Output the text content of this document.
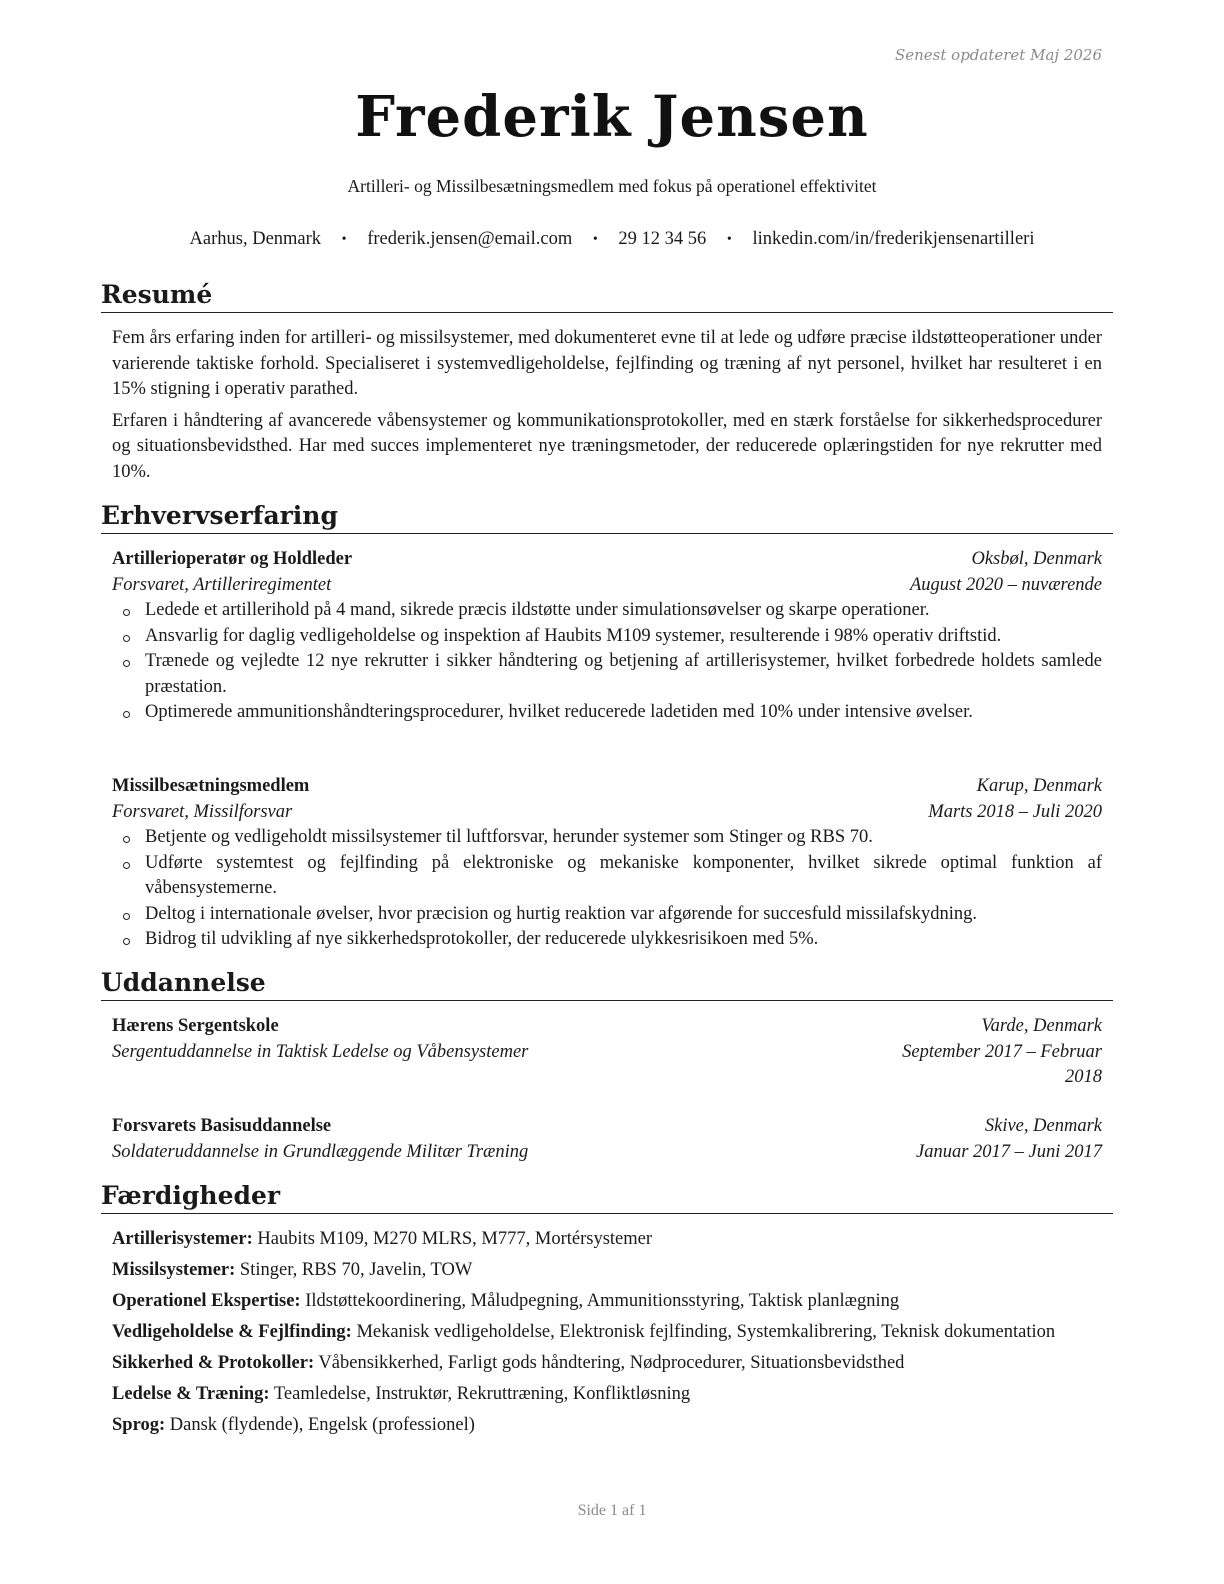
Senest opdateret Maj 2026
Frederik Jensen
Artilleri- og Missilbesætningsmedlem med fokus på operationel effektivitet
Aarhus, Denmark • frederik.jensen@email.com • 29 12 34 56 • linkedin.com/in/frederikjensenartilleri
Resumé

Fem års erfaring inden for artilleri- og missilsystemer, med dokumenteret evne til at lede og udføre præcise ildstøtteoperationer under varierende taktiske forhold. Specialiseret i systemvedligeholdelse, fejlfinding og træning af nyt personel, hvilket har resulteret i en 15% stigning i operativ parathed.

Erfaren i håndtering af avancerede våbensystemer og kommunikationsprotokoller, med en stærk forståelse for sikkerhedsprocedurer og situationsbevidsthed. Har med succes implementeret nye træningsmetoder, der reducerede oplæringstiden for nye rekrutter med 10%.

Erhvervserfaring
Artillerioperatør og Holdleder	Oksbøl, Denmark
Forsvaret, Artilleriregimentet	August 2020 – nuværende
Ledede et artillerihold på 4 mand, sikrede præcis ildstøtte under simulationsøvelser og skarpe operationer.
Ansvarlig for daglig vedligeholdelse og inspektion af Haubits M109 systemer, resulterende i 98% operativ driftstid.
Trænede og vejledte 12 nye rekrutter i sikker håndtering og betjening af artillerisystemer, hvilket forbedrede holdets samlede præstation.
Optimerede ammunitionshåndteringsprocedurer, hvilket reducerede ladetiden med 10% under intensive øvelser.
Missilbesætningsmedlem	Karup, Denmark
Forsvaret, Missilforsvar	Marts 2018 – Juli 2020
Betjente og vedligeholdt missilsystemer til luftforsvar, herunder systemer som Stinger og RBS 70.
Udførte systemtest og fejlfinding på elektroniske og mekaniske komponenter, hvilket sikrede optimal funktion af våbensystemerne.
Deltog i internationale øvelser, hvor præcision og hurtig reaktion var afgørende for succesfuld missilafskydning.
Bidrog til udvikling af nye sikkerhedsprotokoller, der reducerede ulykkesrisikoen med 5%.
Uddannelse
Hærens Sergentskole	Varde, Denmark
Sergentuddannelse in Taktisk Ledelse og Våbensystemer	September 2017 – Februar
2018
Forsvarets Basisuddannelse	Skive, Denmark
Soldateruddannelse in Grundlæggende Militær Træning	Januar 2017 – Juni 2017
Færdigheder
Artillerisystemer: Haubits M109, M270 MLRS, M777, Mortérsystemer
Missilsystemer: Stinger, RBS 70, Javelin, TOW
Operationel Ekspertise: Ildstøttekoordinering, Måludpegning, Ammunitionsstyring, Taktisk planlægning
Vedligeholdelse & Fejlfinding: Mekanisk vedligeholdelse, Elektronisk fejlfinding, Systemkalibrering, Teknisk dokumentation
Sikkerhed & Protokoller: Våbensikkerhed, Farligt gods håndtering, Nødprocedurer, Situationsbevidsthed
Ledelse & Træning: Teamledelse, Instruktør, Rekruttræning, Konfliktløsning
Sprog: Dansk (flydende), Engelsk (professionel)
Side 1 af 1
